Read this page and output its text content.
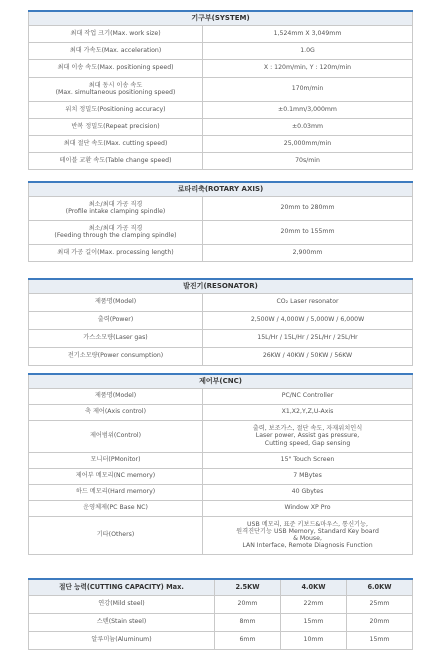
기구부(SYSTEM)	
최대 작업 크기(Max. work size)	1,524mm X 3,049mm
최대 가속도(Max. acceleration)	1.0G
최대 이송 속도(Max. positioning speed)	X : 120m/min, Y : 120m/min
최대 동시 이송 속도
(Max. simultaneous positioning speed)	170m/min
위치 정밀도(Positioning accuracy)	±0.1mm/3,000mm
반복 정밀도(Repeat precision)	±0.03mm
최대 절단 속도(Max. cutting speed)	25,000mm/min
테이블 교환 속도(Table change speed)	70s/min
로타리축(ROTARY AXIS)	
최소/최대 가공 직경
(Profile intake clamping spindle)	20mm to 280mm
최소/최대 가공 직경
(Feeding through the clamping spindle)	20mm to 155mm
최대 가공 길이(Max. processing length)	2,900mm
발진기(RESONATOR)	
제품명(Model)	CO₂ Laser resonator
출력(Power)	2,500W / 4,000W / 5,000W / 6,000W
가스소모량(Laser gas)	15L/Hr / 15L/Hr / 25L/Hr / 25L/Hr
전기소모량(Power consumption)	26KW / 40KW / 50KW / 56KW
제어부(CNC)	
제품명(Model)	PC/NC Controller
축 제어(Axis control)	X1,X2,Y,Z,U-Axis
제어범위(Control)	출력, 보조가스, 절단 속도, 자재위치인식
Laser power, Assist gas pressure,
Cutting speed, Gap sensing
모니터(PMonitor)	15" Touch Screen
제어부 메모리(NC memory)	7 MBytes
하드 메모리(Hard memory)	40 Gbytes
운영체제(PC Base NC)	Window XP Pro
기타(Others)	USB 메모리, 표준 키보드&마우스, 통신기능,
원격진단기능 USB Memory, Standard Key board
& Mouse,
LAN Interface, Remote Diagnosis Function
절단 능력(CUTTING CAPACITY) Max.	2.5KW	4.0KW	6.0KW
연강(Mild steel)	20mm	22mm	25mm
스텐(Stain steel)	8mm	15mm	20mm
알루미늄(Aluminum)	6mm	10mm	15mm
